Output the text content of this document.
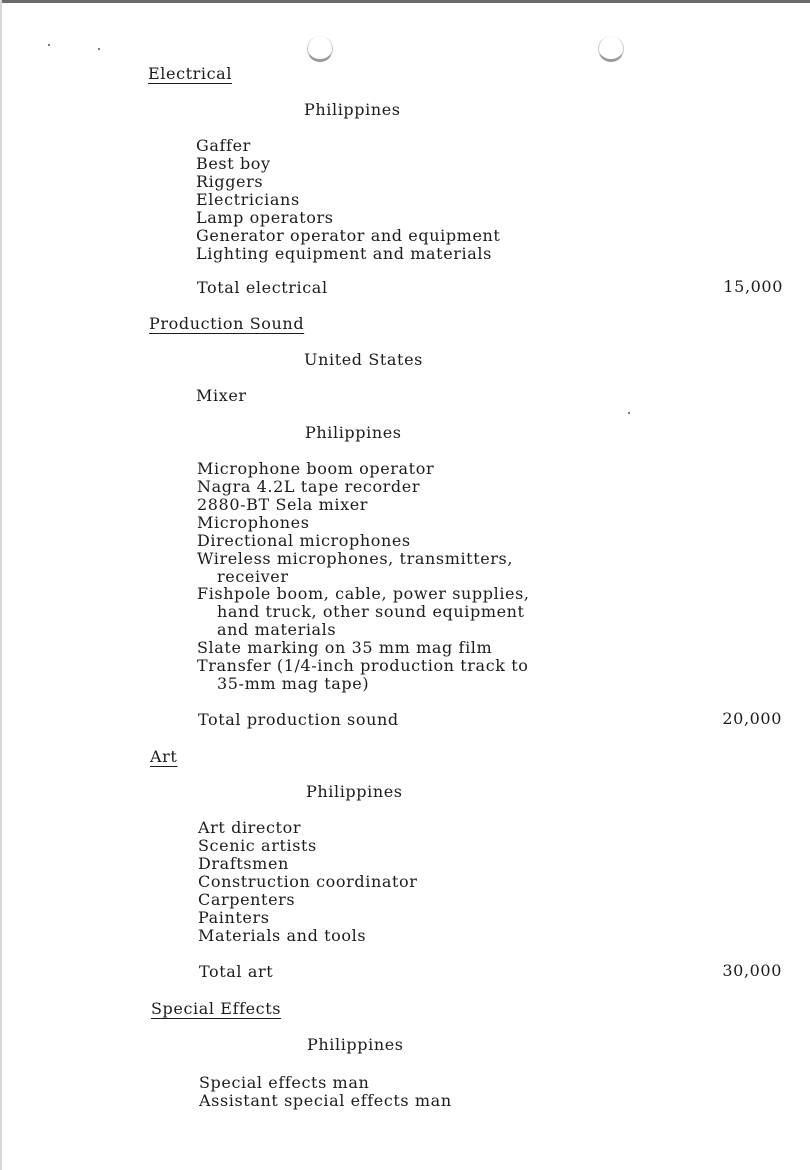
Electrical
Philippines
Gaffer
Best boy
Riggers
Electricians
Lamp operators
Generator operator and equipment
Lighting equipment and materials
Total electrical	15,000
Production Sound
United States
Mixer
Philippines
Microphone boom operator
Nagra 4.2L tape recorder
2880-BT Sela mixer
Microphones
Directional microphones
Wireless microphones, transmitters,
receiver
Fishpole boom, cable, power supplies,
hand truck, other sound equipment
and materials
Slate marking on 35 mm mag film
Transfer (1/4-inch production track to
35-mm mag tape)
Total production sound	20,000
Art
Philippines
Art director
Scenic artists
Draftsmen
Construction coordinator
Carpenters
Painters
Materials and tools
Total art	30,000
Special Effects
Philippines
Special effects man
Assistant special effects man
